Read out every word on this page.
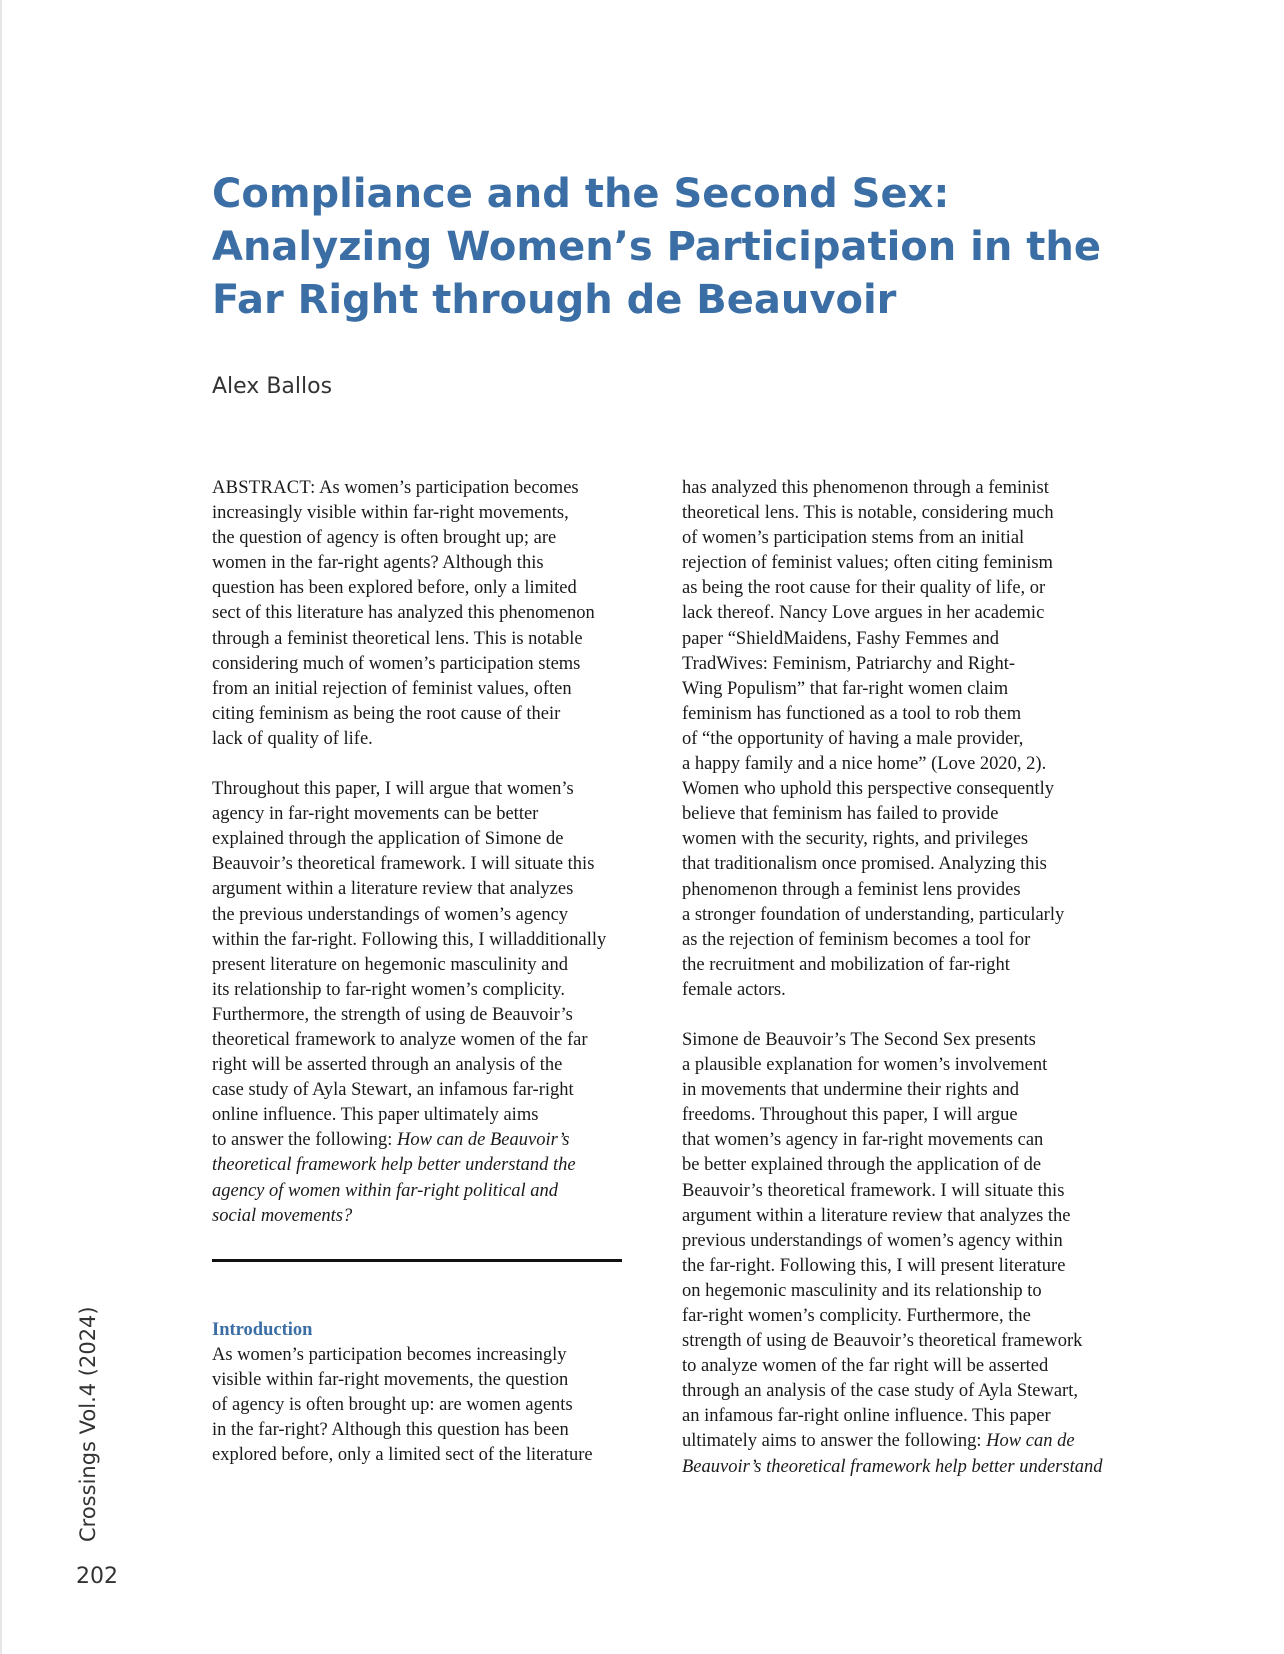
Compliance and the Second Sex:
Analyzing Women’s Participation in the
Far Right through de Beauvoir

Alex Ballos

ABSTRACT: As women’s participation becomes
increasingly visible within far-right movements,
the question of agency is often brought up; are
women in the far-right agents? Although this
question has been explored before, only a limited
sect of this literature has analyzed this phenomenon
through a feminist theoretical lens. This is notable
considering much of women’s participation stems
from an initial rejection of feminist values, often
citing feminism as being the root cause of their
lack of quality of life.
Throughout this paper, I will argue that women’s
agency in far-right movements can be better
explained through the application of Simone de
Beauvoir’s theoretical framework. I will situate this
argument within a literature review that analyzes
the previous understandings of women’s agency
within the far-right. Following this, I willadditionally
present literature on hegemonic masculinity and
its relationship to far-right women’s complicity.
Furthermore, the strength of using de Beauvoir’s
theoretical framework to analyze women of the far
right will be asserted through an analysis of the
case study of Ayla Stewart, an infamous far-right
online influence. This paper ultimately aims
to answer the following: How can de Beauvoir’s
theoretical framework help better understand the
agency of women within far-right political and
social movements?
Introduction
As women’s participation becomes increasingly
visible within far-right movements, the question
of agency is often brought up: are women agents
in the far-right? Although this question has been
explored before, only a limited sect of the literature
has analyzed this phenomenon through a feminist
theoretical lens. This is notable, considering much
of women’s participation stems from an initial
rejection of feminist values; often citing feminism
as being the root cause for their quality of life, or
lack thereof. Nancy Love argues in her academic
paper “ShieldMaidens, Fashy Femmes and
TradWives: Feminism, Patriarchy and Right-
Wing Populism” that far-right women claim
feminism has functioned as a tool to rob them
of “the opportunity of having a male provider,
a happy family and a nice home” (Love 2020, 2).
Women who uphold this perspective consequently
believe that feminism has failed to provide
women with the security, rights, and privileges
that traditionalism once promised. Analyzing this
phenomenon through a feminist lens provides
a stronger foundation of understanding, particularly
as the rejection of feminism becomes a tool for
the recruitment and mobilization of far-right
female actors.
Simone de Beauvoir’s The Second Sex presents
a plausible explanation for women’s involvement
in movements that undermine their rights and
freedoms. Throughout this paper, I will argue
that women’s agency in far-right movements can
be better explained through the application of de
Beauvoir’s theoretical framework. I will situate this
argument within a literature review that analyzes the
previous understandings of women’s agency within
the far-right. Following this, I will present literature
on hegemonic masculinity and its relationship to
far-right women’s complicity. Furthermore, the
strength of using de Beauvoir’s theoretical framework
to analyze women of the far right will be asserted
through an analysis of the case study of Ayla Stewart,
an infamous far-right online influence. This paper
ultimately aims to answer the following: How can de
Beauvoir’s theoretical framework help better understand
Crossings Vol.4 (2024)
202
